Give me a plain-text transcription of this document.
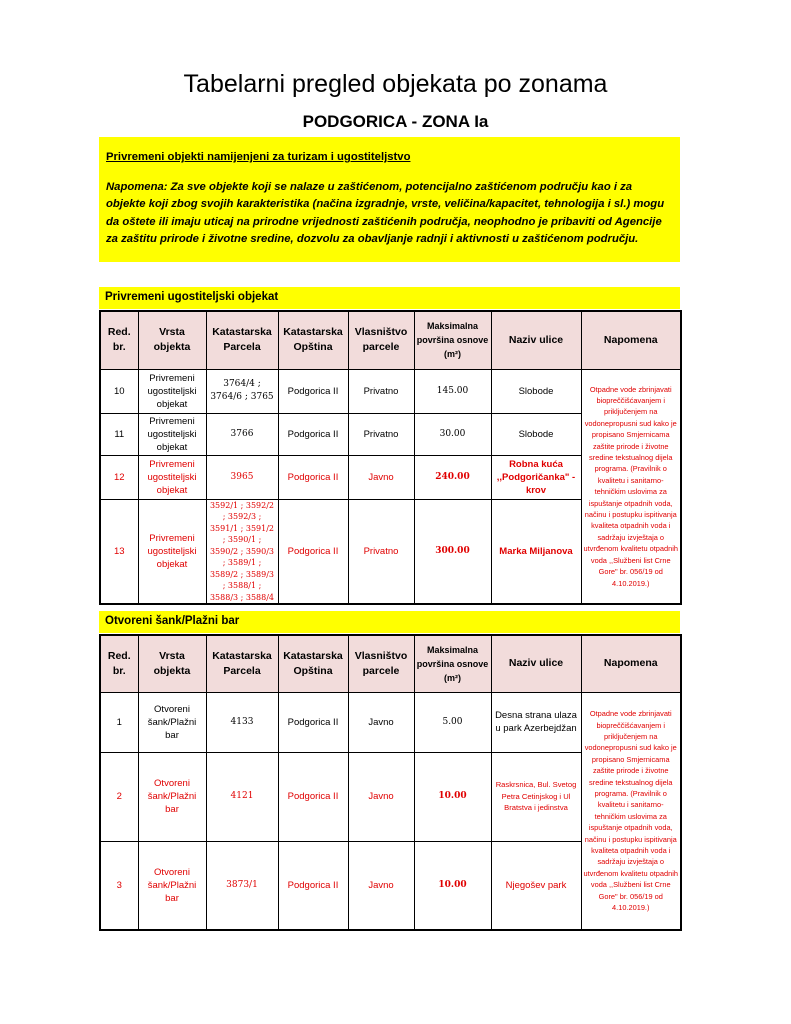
Tabelarni pregled objekata po zonama
PODGORICA - ZONA Ia
Privremeni objekti namijenjeni za turizam i ugostiteljstvo
Napomena: Za sve objekte koji se nalaze u zaštićenom, potencijalno zaštićenom području kao i za objekte koji zbog svojih karakteristika (načina izgradnje, vrste, veličina/kapacitet, tehnologija i sl.) mogu da oštete ili imaju uticaj na prirodne vrijednosti zaštićenih područja, neophodno je pribaviti od Agencije za zaštitu prirode i životne sredine, dozvolu za obavljanje radnji i aktivnosti u zaštićenom području.
Privremeni ugostiteljski objekat
Red. br.	Vrsta objekta	Katastarska Parcela	Katastarska Opština	Vlasništvo parcele	Maksimalna površina osnove (m²)	Naziv ulice	Napomena
10	Privremeni ugostiteljski objekat	3764/4 ; 3764/6 ; 3765	Podgorica II	Privatno	145.00	Slobode	Otpadne vode zbrinjavati biopreččišćavanjem i priključenjem na vodonepropusni sud kako je propisano Smjernicama zaštite prirode i životne sredine tekstualnog dijela programa. (Pravilnik o kvalitetu i sanitarno-tehničkim uslovima za ispuštanje otpadnih voda, načinu i postupku ispitivanja kvaliteta otpadnih voda i sadržaju izvještaja o utvrđenom kvalitetu otpadnih voda ,,Službeni list Crne Gore" br. 056/19 od 4.10.2019.)
11	Privremeni ugostiteljski objekat	3766	Podgorica II	Privatno	30.00	Slobode	
12	Privremeni ugostiteljski objekat	3965	Podgorica II	Javno	240.00	Robna kuća ,,Podgoričanka" - krov	
13	Privremeni ugostiteljski objekat	3592/1 ; 3592/2 ; 3592/3 ; 3591/1 ; 3591/2 ; 3590/1 ; 3590/2 ; 3590/3 ; 3589/1 ; 3589/2 ; 3589/3 ; 3588/1 ; 3588/3 ; 3588/4	Podgorica II	Privatno	300.00	Marka Miljanova	
Otvoreni šank/Plažni bar
Red. br.	Vrsta objekta	Katastarska Parcela	Katastarska Opština	Vlasništvo parcele	Maksimalna površina osnove (m²)	Naziv ulice	Napomena
1	Otvoreni šank/Plažni bar	4133	Podgorica II	Javno	5.00	Desna strana ulaza u park Azerbejdžan	Otpadne vode zbrinjavati biopreččišćavanjem i priključenjem na vodonepropusni sud kako je propisano Smjernicama zaštite prirode i životne sredine tekstualnog dijela programa. (Pravilnik o kvalitetu i sanitarno-tehničkim uslovima za ispuštanje otpadnih voda, načinu i postupku ispitivanja kvaliteta otpadnih voda i sadržaju izvještaja o utvrđenom kvalitetu otpadnih voda ,,Službeni list Crne Gore" br. 056/19 od 4.10.2019.)
2	Otvoreni šank/Plažni bar	4121	Podgorica II	Javno	10.00	Raskrsnica, Bul. Svetog Petra Cetinjskog i Ul Bratstva i jedinstva	
3	Otvoreni šank/Plažni bar	3873/1	Podgorica II	Javno	10.00	Njegošev park	
